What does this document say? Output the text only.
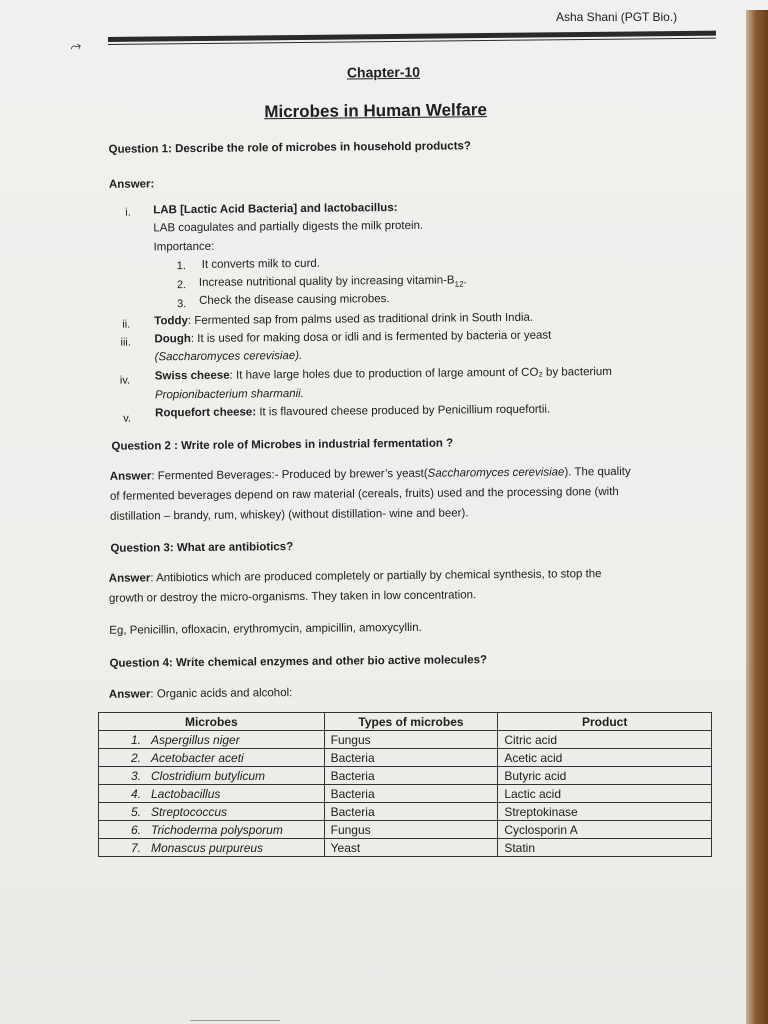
Asha Shani (PGT Bio.)
⤳
Chapter-10
Microbes in Human Welfare
Question 1: Describe the role of microbes in household products?
Answer:
i. LAB [Lactic Acid Bacteria] and lactobacillus:
LAB coagulates and partially digests the milk protein.
Importance:
1. It converts milk to curd.
2. Increase nutritional quality by increasing vitamin-$B_{12}$.
3. Check the disease causing microbes.
ii. Toddy: Fermented sap from palms used as traditional drink in South India.
iii. Dough: It is used for making dosa or idli and is fermented by bacteria or yeast
(Saccharomyces cerevisiae).
iv. Swiss cheese: It have large holes due to production of large amount of CO₂ by bacterium
Propionibacterium sharmanii.
v. Roquefort cheese: It is flavoured cheese produced by Penicillium roquefortii.
Question 2 : Write role of Microbes in industrial fermentation ?
Answer: Fermented Beverages:- Produced by brewer’s yeast(Saccharomyces cerevisiae). The quality
of fermented beverages depend on raw material (cereals, fruits) used and the processing done (with
distillation – brandy, rum, whiskey) (without distillation- wine and beer).
Question 3: What are antibiotics?
Answer: Antibiotics which are produced completely or partially by chemical synthesis, to stop the
growth or destroy the micro-organisms. They taken in low concentration.
Eg, Penicillin, ofloxacin, erythromycin, ampicillin, amoxycyllin.
Question 4: Write chemical enzymes and other bio active molecules?
Answer: Organic acids and alcohol:
Microbes	Types of microbes	Product
1. Aspergillus niger	Fungus	Citric acid
2. Acetobacter aceti	Bacteria	Acetic acid
3. Clostridium butylicum	Bacteria	Butyric acid
4. Lactobacillus	Bacteria	Lactic acid
5. Streptococcus	Bacteria	Streptokinase
6. Trichoderma polysporum	Fungus	Cyclosporin A
7. Monascus purpureus	Yeast	Statin
